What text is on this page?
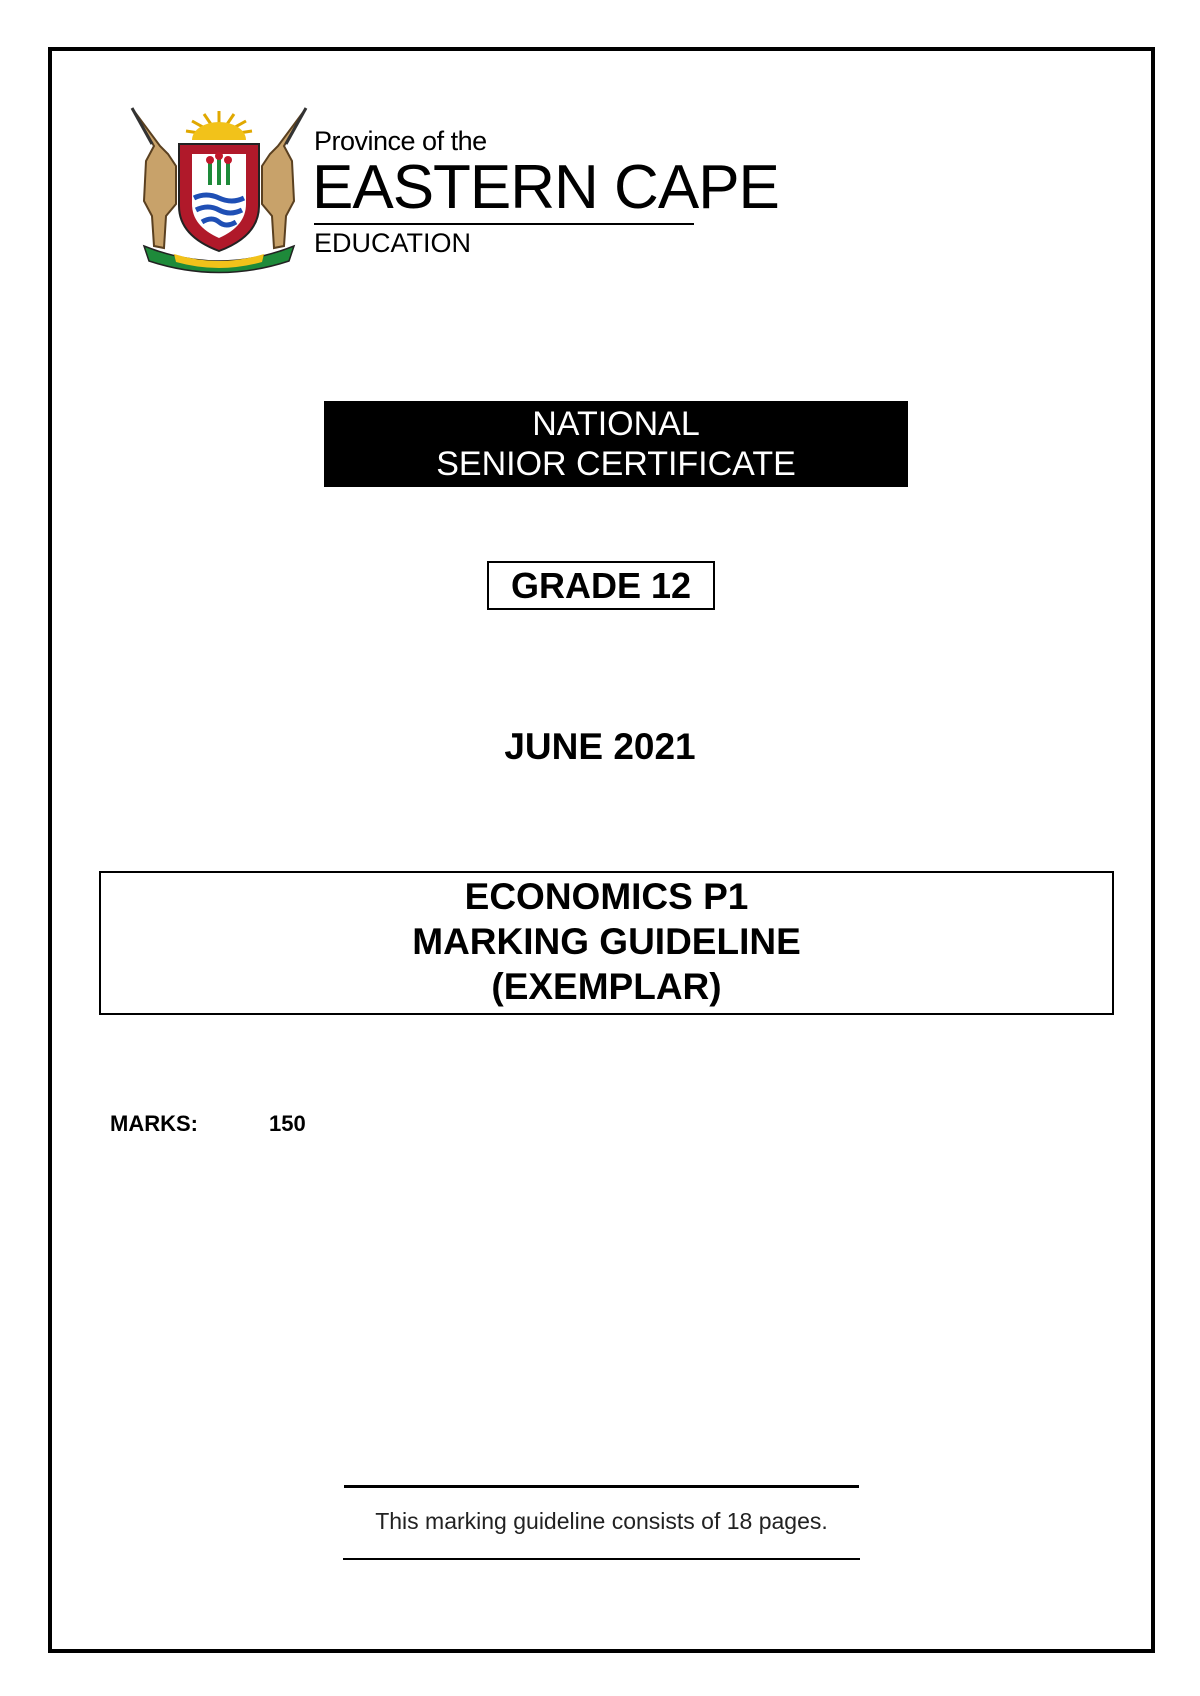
Province of the
EASTERN CAPE
EDUCATION
NATIONAL
SENIOR CERTIFICATE
GRADE 12
JUNE 2021
ECONOMICS P1
MARKING GUIDELINE
(EXEMPLAR)
MARKS:	150
This marking guideline consists of 18 pages.
